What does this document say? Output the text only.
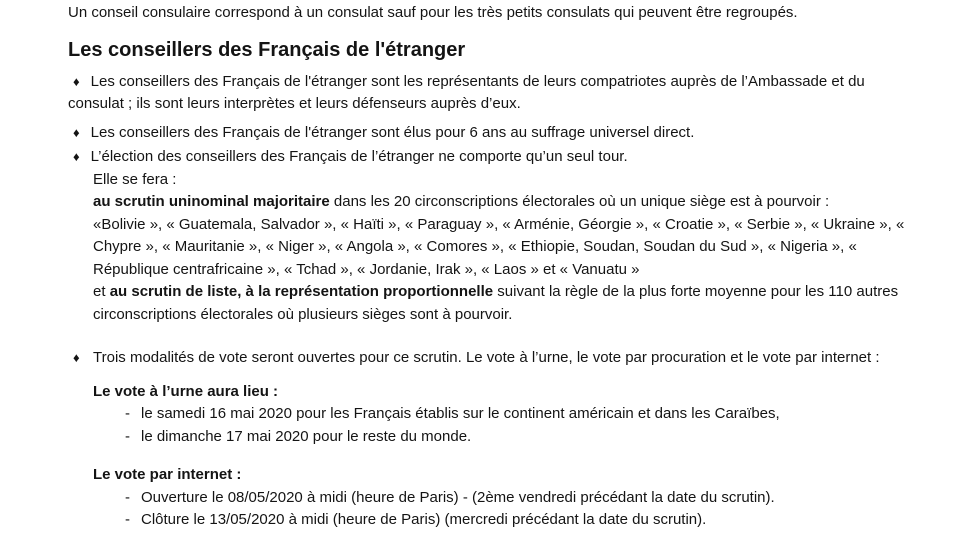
Un conseil consulaire correspond à un consulat sauf pour les très petits consulats qui peuvent être regroupés.

Les conseillers des Français de l'étranger

♦ Les conseillers des Français de l'étranger sont les représentants de leurs compatriotes auprès de l’Ambassade et du consulat ; ils sont leurs interprètes et leurs défenseurs auprès d’eux.

♦ Les conseillers des Français de l'étranger sont élus pour 6 ans au suffrage universel direct.

♦ L’élection des conseillers des Français de l’étranger ne comporte qu’un seul tour.

Elle se fera :

au scrutin uninominal majoritaire dans les 20 circonscriptions électorales où un unique siège est à pourvoir :

«Bolivie », « Guatemala, Salvador », « Haïti », « Paraguay », « Arménie, Géorgie », « Croatie », « Serbie », « Ukraine », « Chypre », « Mauritanie », « Niger », « Angola », « Comores », « Ethiopie, Soudan, Soudan du Sud », « Nigeria », « République centrafricaine », « Tchad », « Jordanie, Irak », « Laos » et « Vanuatu »

et au scrutin de liste, à la représentation proportionnelle suivant la règle de la plus forte moyenne pour les 110 autres circonscriptions électorales où plusieurs sièges sont à pourvoir.

♦ Trois modalités de vote seront ouvertes pour ce scrutin. Le vote à l’urne, le vote par procuration et le vote par internet :

Le vote à l’urne aura lieu :

- le samedi 16 mai 2020 pour les Français établis sur le continent américain et dans les Caraïbes,
- le dimanche 17 mai 2020 pour le reste du monde.

Le vote par internet :

- Ouverture le 08/05/2020 à midi (heure de Paris) - (2ème vendredi précédant la date du scrutin).
- Clôture le 13/05/2020 à midi (heure de Paris) (mercredi précédant la date du scrutin).
